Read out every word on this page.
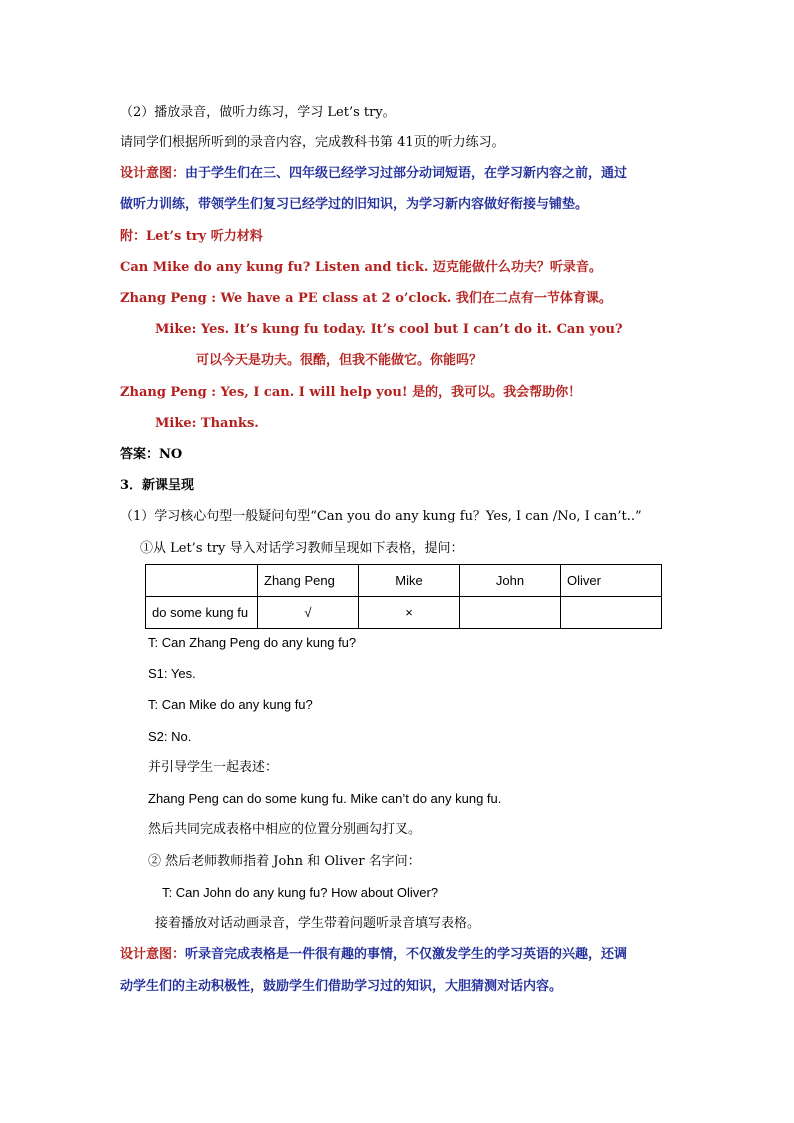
（2）播放录音，做听力练习，学习 Let’s try。
请同学们根据所听到的录音内容，完成教科书第 41页的听力练习。
设计意图：由于学生们在三、四年级已经学习过部分动词短语，在学习新内容之前，通过
做听力训练，带领学生们复习已经学过的旧知识，为学习新内容做好衔接与铺垫。
附：Let’s try 听力材料
Can Mike do any kung fu? Listen and tick. 迈克能做什么功夫？听录音。
Zhang Peng : We have a PE class at 2 o’clock. 我们在二点有一节体育课。
Mike: Yes. It’s kung fu today. It’s cool but I can’t do it. Can you?
可以今天是功夫。很酷，但我不能做它。你能吗？
Zhang Peng : Yes, I can. I will help you! 是的，我可以。我会帮助你！
Mike: Thanks.
答案：NO
3．新课呈现
（1）学习核心句型一般疑问句型“Can you do any kung fu？Yes, I can /No, I can’t..”
①从 Let’s try 导入对话学习教师呈现如下表格，提问：
	Zhang Peng	Mike	John	Oliver
do some kung fu	√	×		
T: Can Zhang Peng do any kung fu?
S1: Yes.
T: Can Mike do any kung fu?
S2: No.
并引导学生一起表述：
Zhang Peng can do some kung fu. Mike can’t do any kung fu.
然后共同完成表格中相应的位置分别画勾打叉。
② 然后老师教师指着 John 和 Oliver 名字问：
T: Can John do any kung fu? How about Oliver?
接着播放对话动画录音，学生带着问题听录音填写表格。
设计意图：听录音完成表格是一件很有趣的事情，不仅激发学生的学习英语的兴趣，还调
动学生们的主动积极性，鼓励学生们借助学习过的知识，大胆猜测对话内容。
